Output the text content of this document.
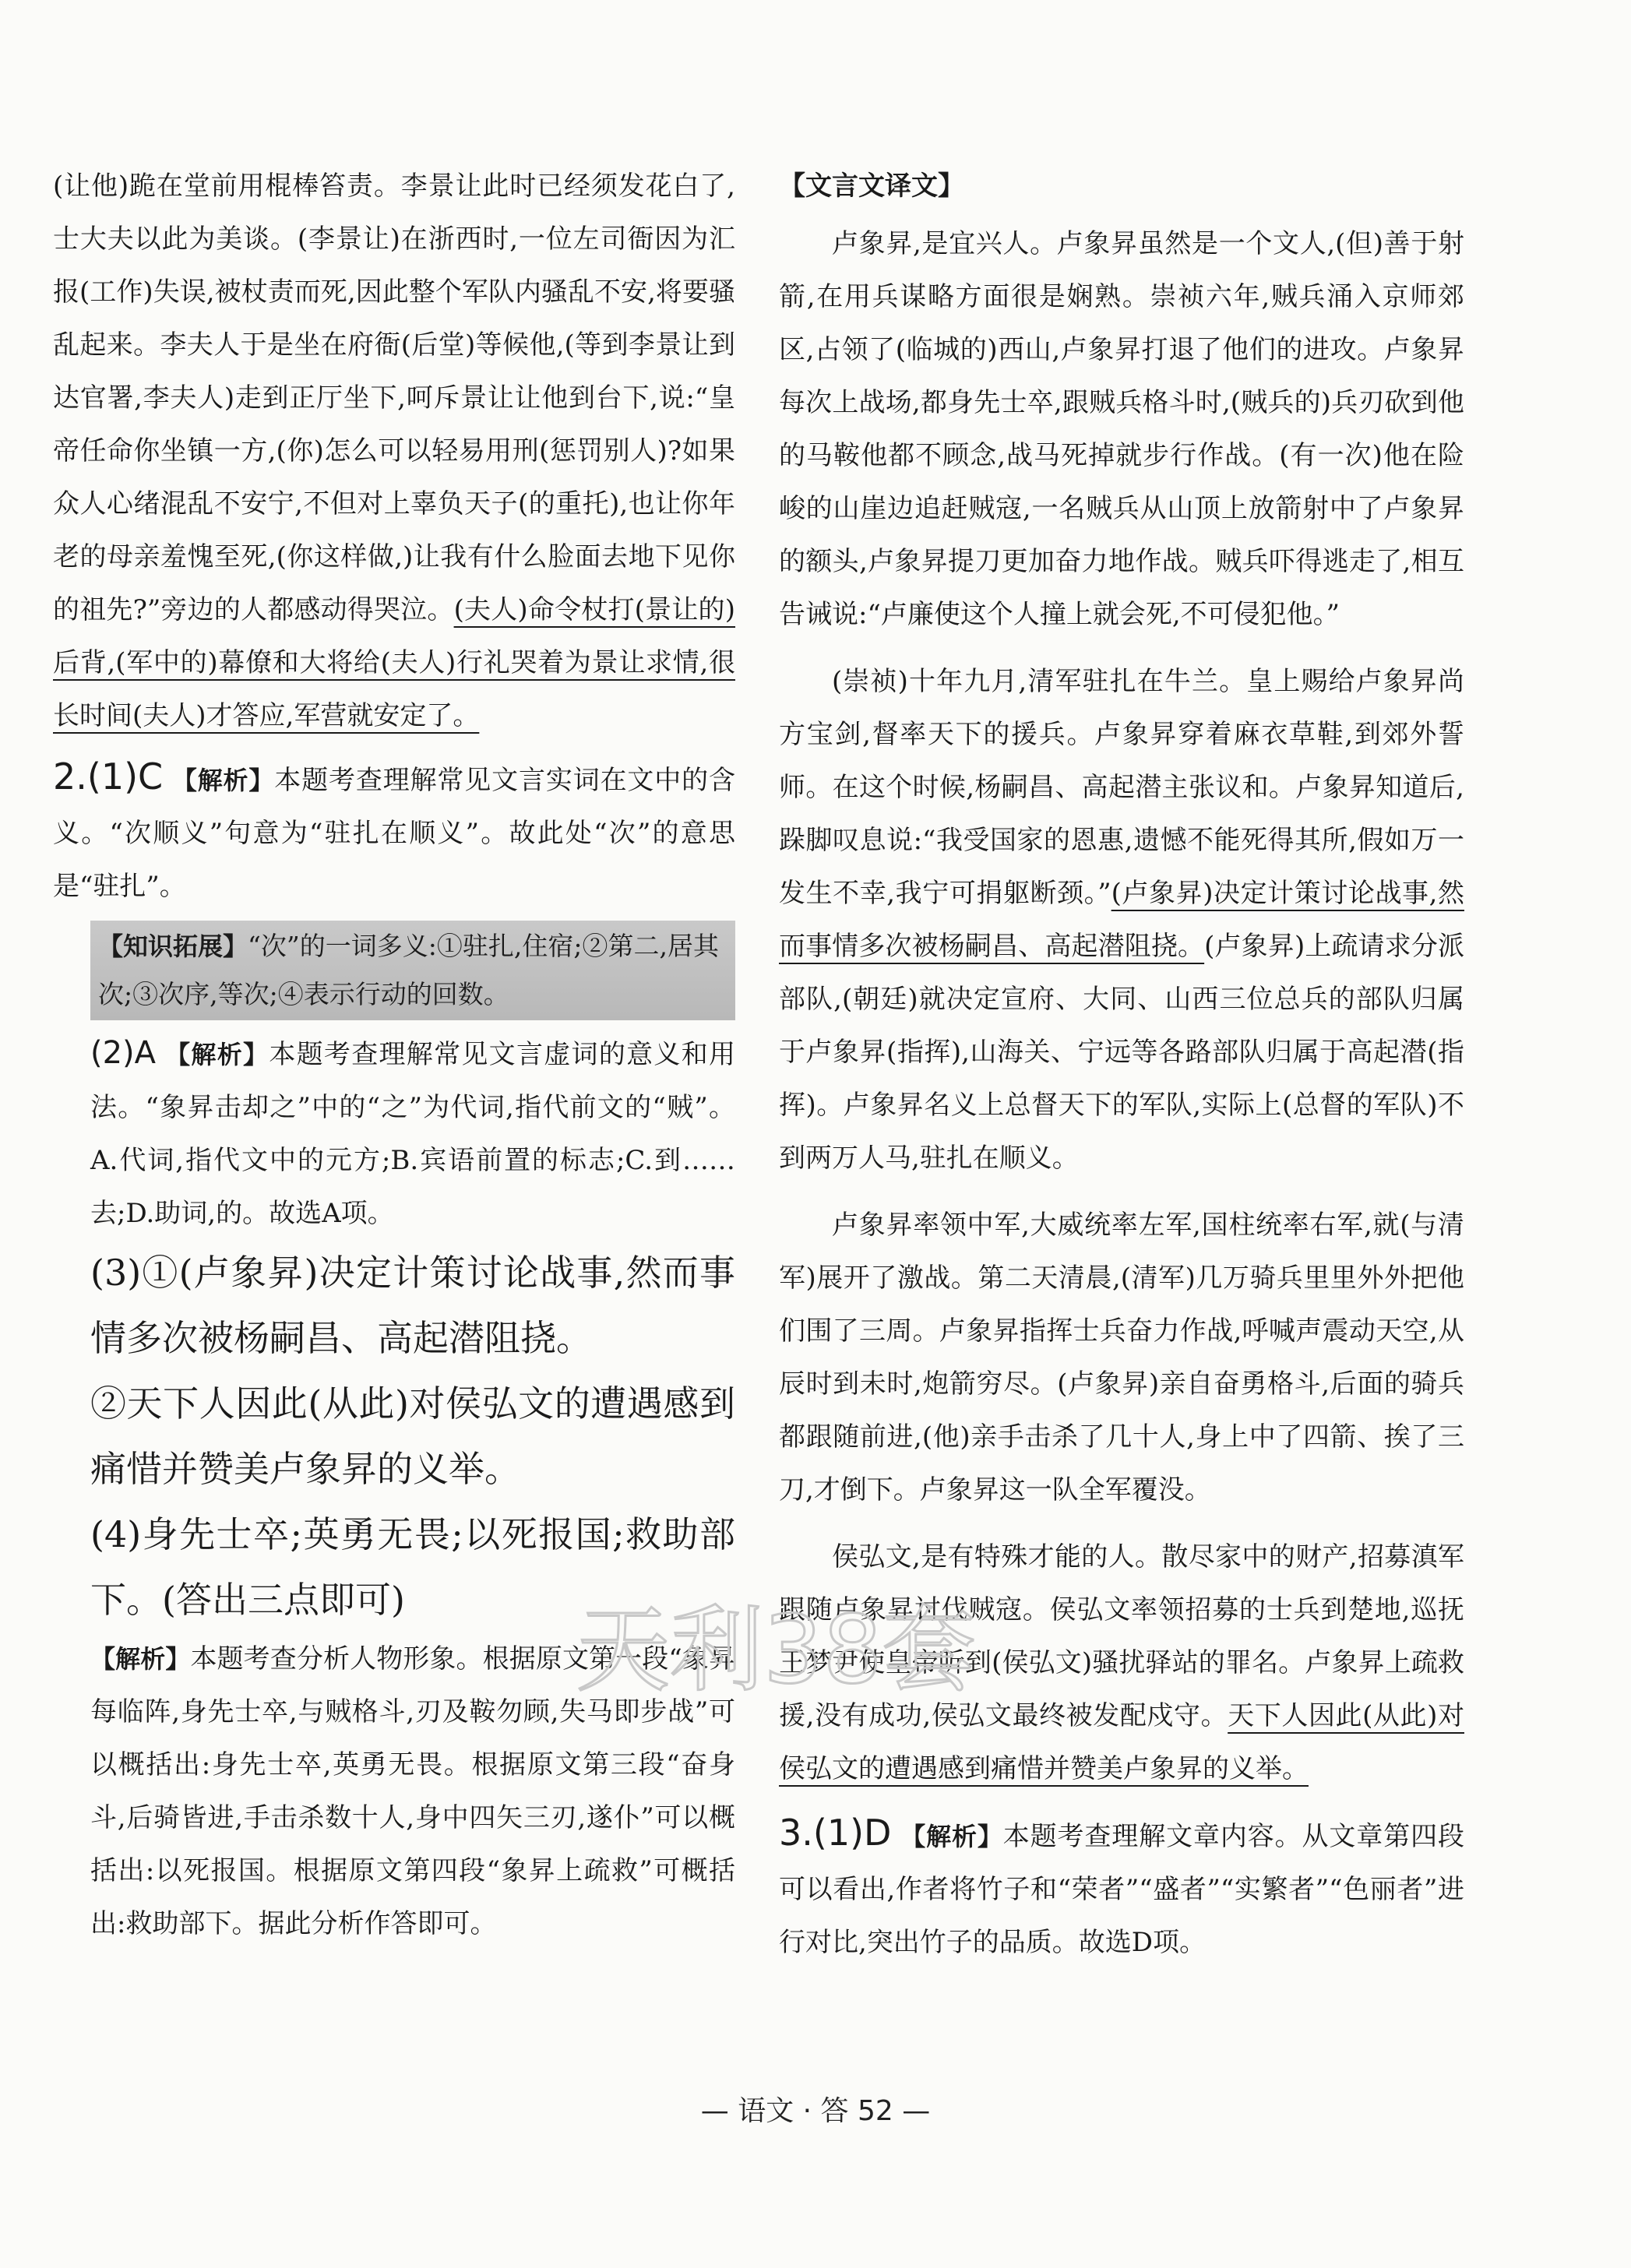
(让他)跪在堂前用棍棒笞责。李景让此时已经须发花白了,士大夫以此为美谈。(李景让)在浙西时,一位左司衙因为汇报(工作)失误,被杖责而死,因此整个军队内骚乱不安,将要骚乱起来。李夫人于是坐在府衙(后堂)等候他,(等到李景让到达官署,李夫人)走到正厅坐下,呵斥景让让他到台下,说:“皇帝任命你坐镇一方,(你)怎么可以轻易用刑(惩罚别人)?如果众人心绪混乱不安宁,不但对上辜负天子(的重托),也让你年老的母亲羞愧至死,(你这样做,)让我有什么脸面去地下见你的祖先?”旁边的人都感动得哭泣。(夫人)命令杖打(景让的)后背,(军中的)幕僚和大将给(夫人)行礼哭着为景让求情,很长时间(夫人)才答应,军营就安定了。

2.(1)C 【解析】本题考查理解常见文言实词在文中的含义。“次顺义”句意为“驻扎在顺义”。故此处“次”的意思是“驻扎”。
【知识拓展】“次”的一词多义:①驻扎,住宿;②第二,居其次;③次序,等次;④表示行动的回数。
(2)A 【解析】本题考查理解常见文言虚词的意义和用法。“象昇击却之”中的“之”为代词,指代前文的“贼”。A.代词,指代文中的元方;B.宾语前置的标志;C.到……去;D.助词,的。故选A项。

(3)①(卢象昇)决定计策讨论战事,然而事情多次被杨嗣昌、高起潜阻挠。

②天下人因此(从此)对侯弘文的遭遇感到痛惜并赞美卢象昇的义举。

(4)身先士卒;英勇无畏;以死报国;救助部下。(答出三点即可)

【解析】本题考查分析人物形象。根据原文第一段“象昇每临阵,身先士卒,与贼格斗,刃及鞍勿顾,失马即步战”可以概括出:身先士卒,英勇无畏。根据原文第三段“奋身斗,后骑皆进,手击杀数十人,身中四矢三刃,遂仆”可以概括出:以死报国。根据原文第四段“象昇上疏救”可概括出:救助部下。据此分析作答即可。

【文言文译文】

卢象昇,是宜兴人。卢象昇虽然是一个文人,(但)善于射箭,在用兵谋略方面很是娴熟。崇祯六年,贼兵涌入京师郊区,占领了(临城的)西山,卢象昇打退了他们的进攻。卢象昇每次上战场,都身先士卒,跟贼兵格斗时,(贼兵的)兵刃砍到他的马鞍他都不顾念,战马死掉就步行作战。(有一次)他在险峻的山崖边追赶贼寇,一名贼兵从山顶上放箭射中了卢象昇的额头,卢象昇提刀更加奋力地作战。贼兵吓得逃走了,相互告诫说:“卢廉使这个人撞上就会死,不可侵犯他。”

(崇祯)十年九月,清军驻扎在牛兰。皇上赐给卢象昇尚方宝剑,督率天下的援兵。卢象昇穿着麻衣草鞋,到郊外誓师。在这个时候,杨嗣昌、高起潜主张议和。卢象昇知道后,跺脚叹息说:“我受国家的恩惠,遗憾不能死得其所,假如万一发生不幸,我宁可捐躯断颈。”(卢象昇)决定计策讨论战事,然而事情多次被杨嗣昌、高起潜阻挠。(卢象昇)上疏请求分派部队,(朝廷)就决定宣府、大同、山西三位总兵的部队归属于卢象昇(指挥),山海关、宁远等各路部队归属于高起潜(指挥)。卢象昇名义上总督天下的军队,实际上(总督的军队)不到两万人马,驻扎在顺义。

卢象昇率领中军,大威统率左军,国柱统率右军,就(与清军)展开了激战。第二天清晨,(清军)几万骑兵里里外外把他们围了三周。卢象昇指挥士兵奋力作战,呼喊声震动天空,从辰时到未时,炮箭穷尽。(卢象昇)亲自奋勇格斗,后面的骑兵都跟随前进,(他)亲手击杀了几十人,身上中了四箭、挨了三刀,才倒下。卢象昇这一队全军覆没。

侯弘文,是有特殊才能的人。散尽家中的财产,招募滇军跟随卢象昇讨伐贼寇。侯弘文率领招募的士兵到楚地,巡抚王梦尹使皇帝听到(侯弘文)骚扰驿站的罪名。卢象昇上疏救援,没有成功,侯弘文最终被发配戍守。天下人因此(从此)对侯弘文的遭遇感到痛惜并赞美卢象昇的义举。

3.(1)D 【解析】本题考查理解文章内容。从文章第四段可以看出,作者将竹子和“荣者”“盛者”“实繁者”“色丽者”进行对比,突出竹子的品质。故选D项。
天利38套
— 语文 · 答 52 —
